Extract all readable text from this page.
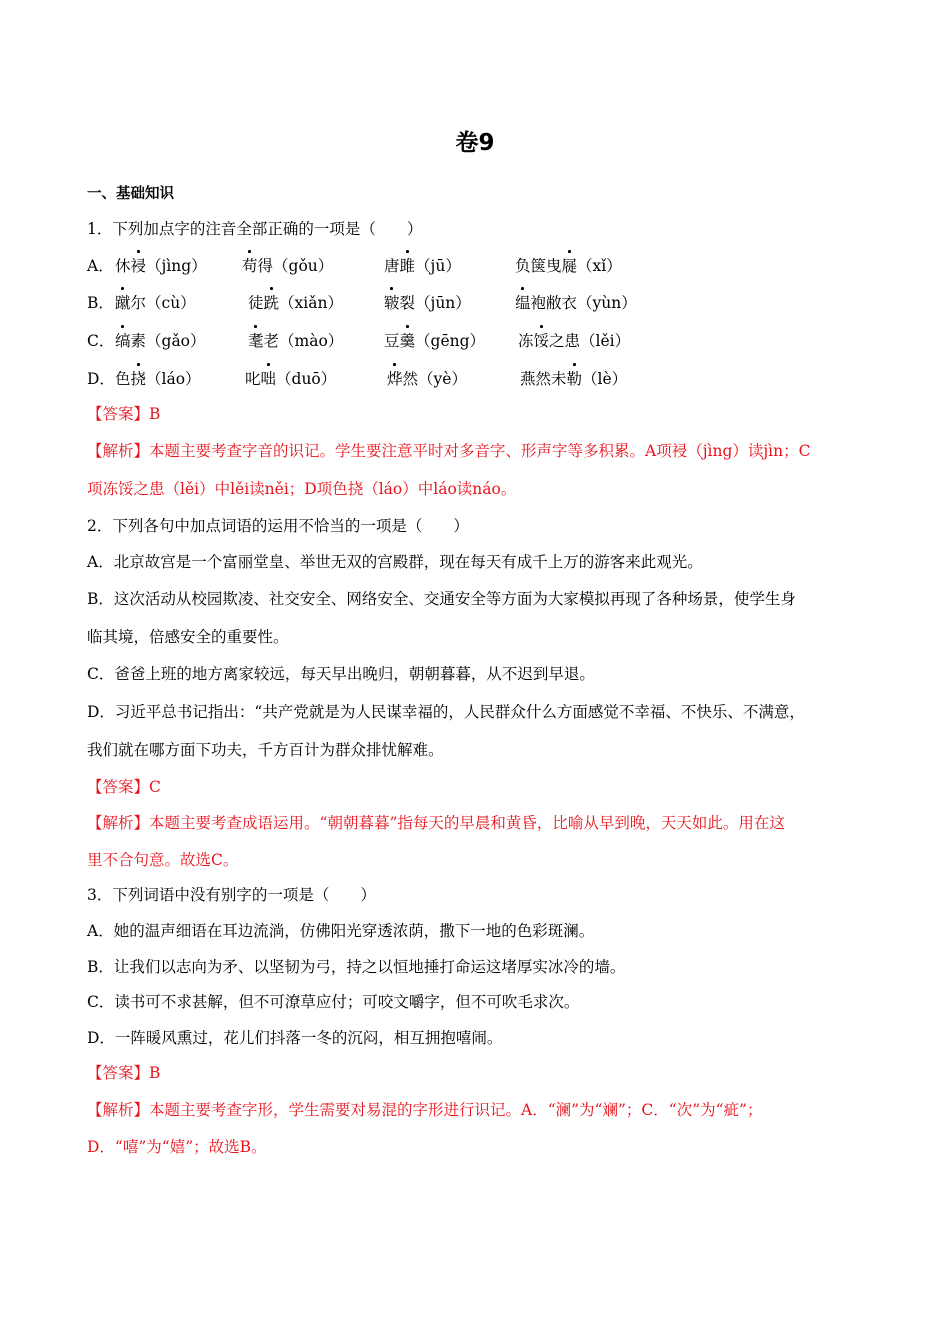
卷9
一、基础知识
1．下列加点字的注音全部正确的一项是（　　）
A． 休祲（jìng） 苟得（gǒu）	唐雎（jū）	负箧曳屣（xǐ）
B． 蹴尔（cù）	徒跣（xiǎn）	皲裂（jūn）	缊袍敝衣（yùn）
C． 缟素（gǎo）	耄老（mào）	豆羹（gēng） 冻馁之患（lěi）
D． 色挠（láo）	叱咄（duō）	烨然（yè）	燕然未勒（lè）
【答案】B
【解析】本题主要考查字音的识记。学生要注意平时对多音字、形声字等多积累。A项祲（jìng）读jìn；C
项冻馁之患（lěi）中lěi读něi；D项色挠（láo）中láo读náo。
2．下列各句中加点词语的运用不恰当的一项是（　　）
A．北京故宫是一个富丽堂皇、举世无双的宫殿群，现在每天有成千上万的游客来此观光。
B．这次活动从校园欺凌、社交安全、网络安全、交通安全等方面为大家模拟再现了各种场景，使学生身
临其境，倍感安全的重要性。
C．爸爸上班的地方离家较远，每天早出晚归，朝朝暮暮，从不迟到早退。
D．习近平总书记指出：“共产党就是为人民谋幸福的，人民群众什么方面感觉不幸福、不快乐、不满意，
我们就在哪方面下功夫，千方百计为群众排忧解难。
【答案】C
【解析】本题主要考查成语运用。“朝朝暮暮”指每天的早晨和黄昏，比喻从早到晚，天天如此。用在这
里不合句意。故选C。
3．下列词语中没有别字的一项是（　　）
A．她的温声细语在耳边流淌，仿佛阳光穿透浓荫，撒下一地的色彩斑澜。
B．让我们以志向为矛、以坚韧为弓，持之以恒地捶打命运这堵厚实冰冷的墙。
C．读书可不求甚解，但不可潦草应付；可咬文嚼字，但不可吹毛求次。
D．一阵暖风熏过，花儿们抖落一冬的沉闷，相互拥抱嘻闹。
【答案】B
【解析】本题主要考查字形，学生需要对易混的字形进行识记。A．“澜”为“斓”；C．“次”为“疵”；
D．“嘻”为“嬉”；故选B。
